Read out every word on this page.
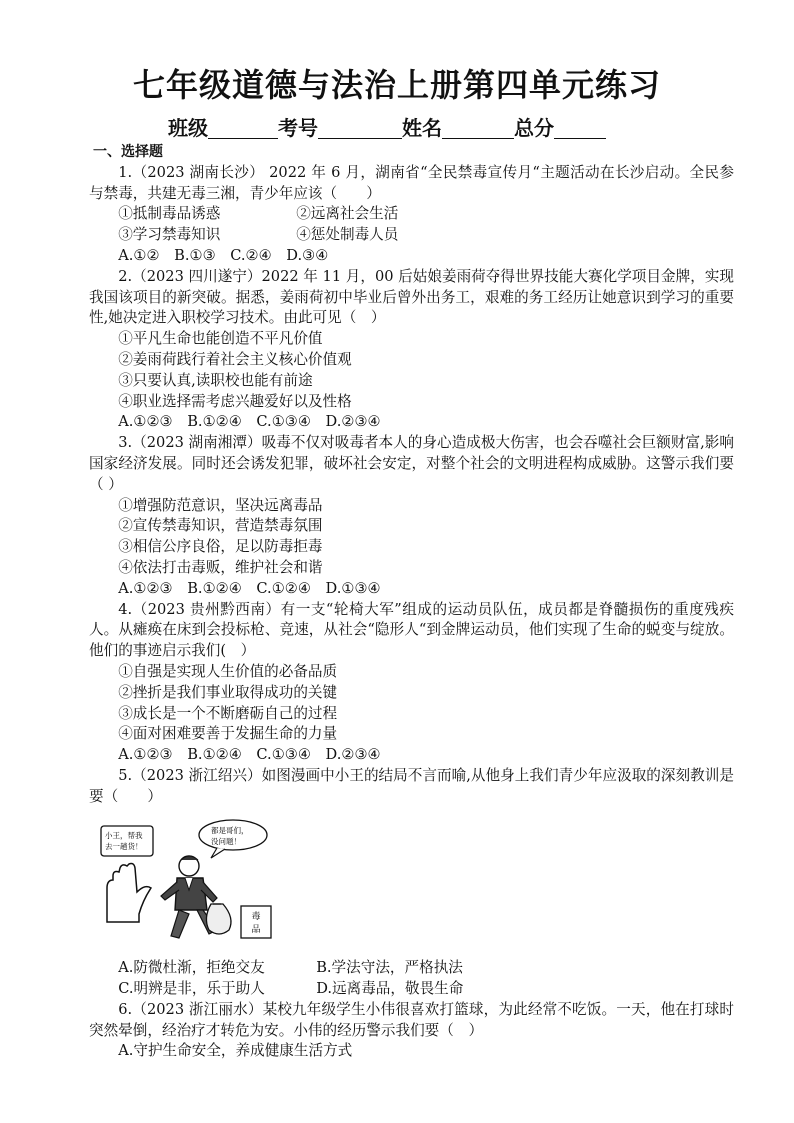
七年级道德与法治上册第四单元练习
班级	考号	姓名	总分
一、选择题

1.（2023 湖南长沙） 2022 年 6 月，湖南省“全民禁毒宣传月“主题活动在长沙启动。全民参与禁毒，共建无毒三湘，青少年应该（　　）

①抵制毒品诱惑	②远离社会生活
③学习禁毒知识	④惩处制毒人员
A.①②　B.①③　C.②④　D.③④

2.（2023 四川遂宁）2022 年 11 月，00 后姑娘姜雨荷夺得世界技能大赛化学项目金牌，实现我国该项目的新突破。据悉，姜雨荷初中毕业后曾外出务工，艰难的务工经历让她意识到学习的重要性,她决定进入职校学习技术。由此可见（　）

①平凡生命也能创造不平凡价值
②姜雨荷践行着社会主义核心价值观
③只要认真,读职校也能有前途
④职业选择需考虑兴趣爱好以及性格
A.①②③　B.①②④　C.①③④　D.②③④

3.（2023 湖南湘潭）吸毒不仅对吸毒者本人的身心造成极大伤害，也会吞噬社会巨额财富,影响国家经济发展。同时还会诱发犯罪，破坏社会安定，对整个社会的文明进程构成威胁。这警示我们要（ ）

①增强防范意识，坚决远离毒品
②宣传禁毒知识，营造禁毒氛围
③相信公序良俗，足以防毒拒毒
④依法打击毒贩，维护社会和谐
A.①②③　B.①②④　C.①②④　D.①③④

4.（2023 贵州黔西南）有一支“轮椅大军”组成的运动员队伍，成员都是脊髓损伤的重度残疾人。从瘫痪在床到会投标枪、竞速，从社会“隐形人“到金牌运动员，他们实现了生命的蜕变与绽放。他们的事迹启示我们(　）

①自强是实现人生价值的必备品质
②挫折是我们事业取得成功的关键
③成长是一个不断磨砺自己的过程
④面对困难要善于发掘生命的力量
A.①②③　B.①②④　C.①③④　D.②③④

5.（2023 浙江绍兴）如图漫画中小王的结局不言而喻,从他身上我们青少年应汲取的深刻教训是要（　　）

小王，帮我
去一趟货！
都是哥们，
没问题！
毒
品
A.防微杜渐，拒绝交友	B.学法守法，严格执法
C.明辨是非，乐于助人	D.远离毒品，敬畏生命

6.（2023 浙江丽水）某校九年级学生小伟很喜欢打篮球，为此经常不吃饭。一天，他在打球时突然晕倒，经治疗才转危为安。小伟的经历警示我们要（　）

A.守护生命安全，养成健康生活方式
